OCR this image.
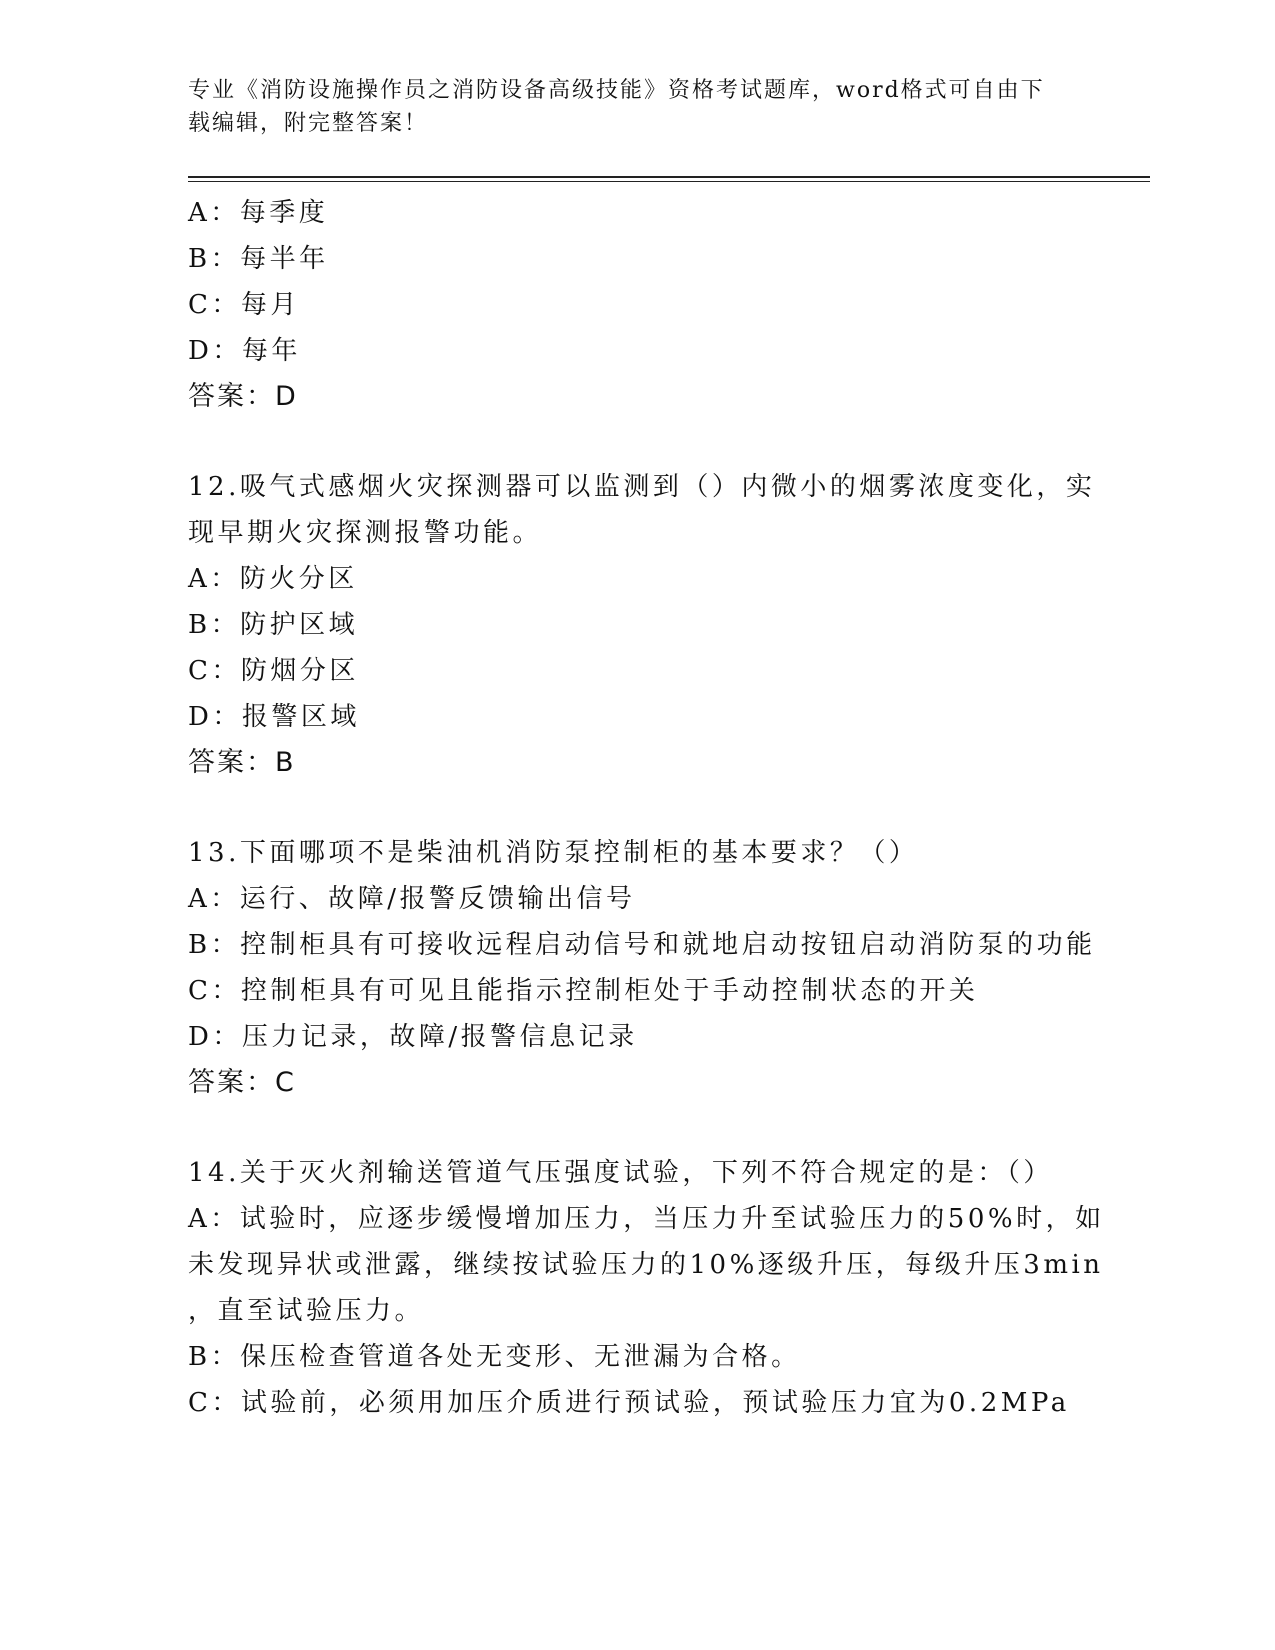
专业《消防设施操作员之消防设备高级技能》资格考试题库，word格式可自由下
载编辑，附完整答案！
A：每季度
B：每半年
C：每月
D：每年
答案：D
12.吸气式感烟火灾探测器可以监测到（）内微小的烟雾浓度变化，实
现早期火灾探测报警功能。
A：防火分区
B：防护区域
C：防烟分区
D：报警区域
答案：B
13.下面哪项不是柴油机消防泵控制柜的基本要求？（）
A：运行、故障/报警反馈输出信号
B：控制柜具有可接收远程启动信号和就地启动按钮启动消防泵的功能
C：控制柜具有可见且能指示控制柜处于手动控制状态的开关
D：压力记录，故障/报警信息记录
答案：C
14.关于灭火剂输送管道气压强度试验，下列不符合规定的是：（）
A：试验时，应逐步缓慢增加压力，当压力升至试验压力的50%时，如
未发现异状或泄露，继续按试验压力的10%逐级升压，每级升压3min
，直至试验压力。
B：保压检查管道各处无变形、无泄漏为合格。
C：试验前，必须用加压介质进行预试验，预试验压力宜为0.2MPa
